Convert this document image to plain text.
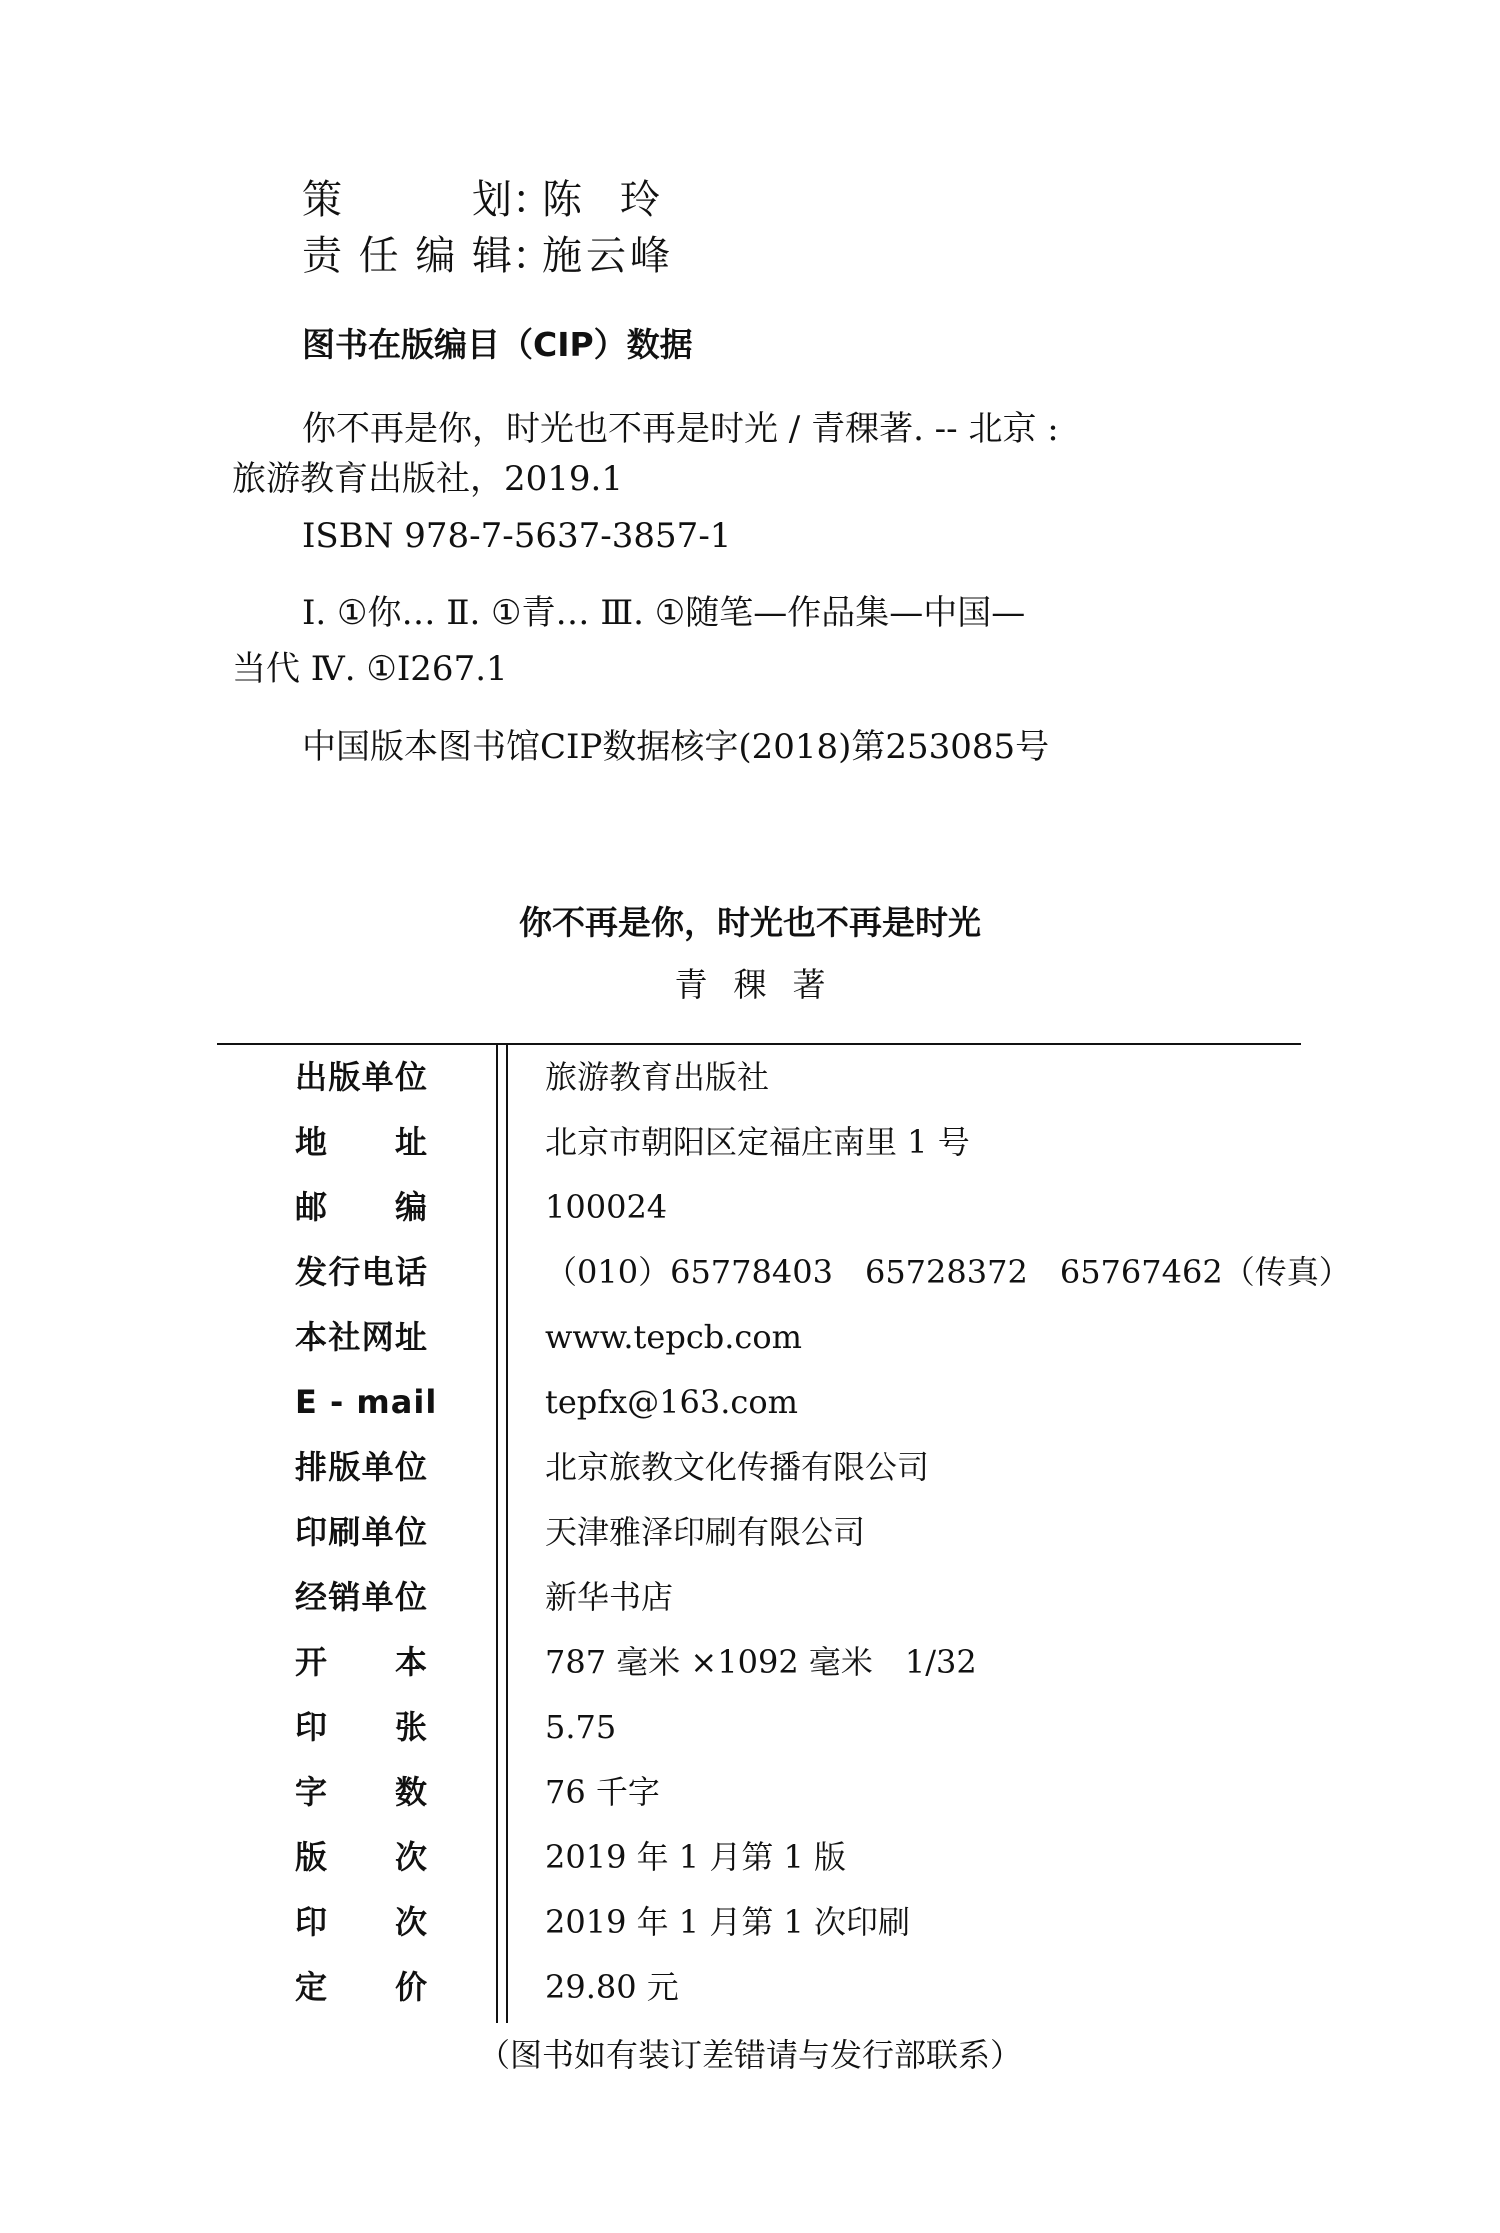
策划：陈玲
责任编辑：施云峰
图书在版编目（CIP）数据
你不再是你，时光也不再是时光 / 青稞著. -- 北京 :
旅游教育出版社，2019.1
ISBN 978-7-5637-3857-1
Ⅰ. ①你… Ⅱ. ①青… Ⅲ. ①随笔—作品集—中国—
当代 Ⅳ. ①I267.1
中国版本图书馆CIP数据核字(2018)第253085号
你不再是你，时光也不再是时光
青稞著
出版单位	旅游教育出版社
地址	北京市朝阳区定福庄南里 1 号
邮编	100024
发行电话	（010）65778403　65728372　65767462（传真）
本社网址	www.tepcb.com
E - mail	tepfx@163.com
排版单位	北京旅教文化传播有限公司
印刷单位	天津雅泽印刷有限公司
经销单位	新华书店
开本	787 毫米 ×1092 毫米　1/32
印张	5.75
字数	76 千字
版次	2019 年 1 月第 1 版
印次	2019 年 1 月第 1 次印刷
定价	29.80 元
（图书如有装订差错请与发行部联系）
